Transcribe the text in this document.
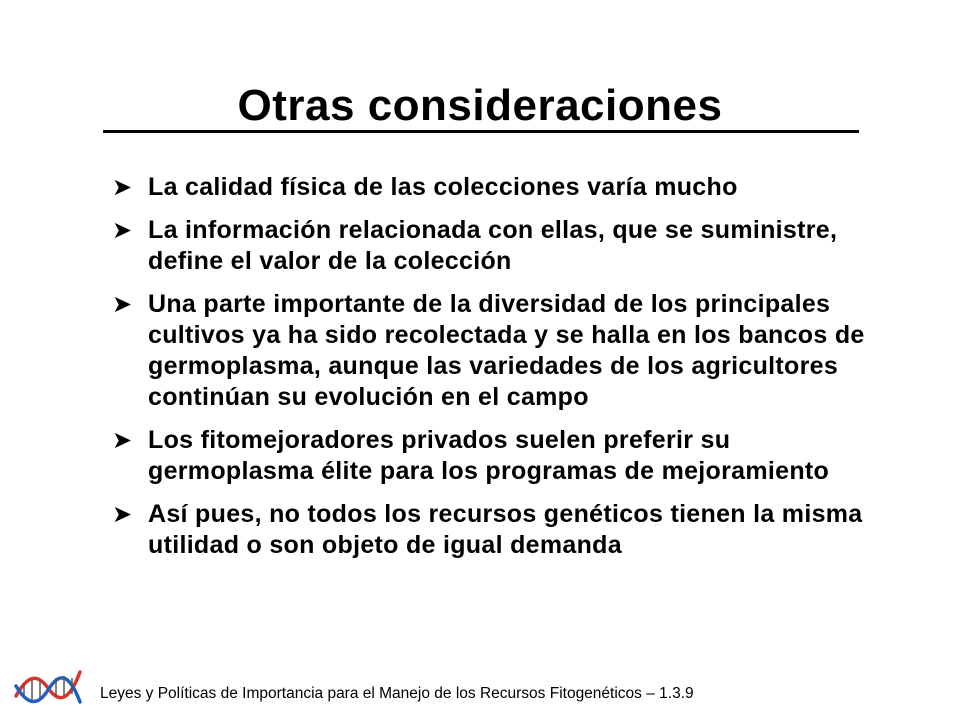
Otras consideraciones
➤ La calidad física de las colecciones varía mucho
➤ La información relacionada con ellas, que se suministre, define el valor de la colección
➤ Una parte importante de la diversidad de los principales cultivos ya ha sido recolectada y se halla en los bancos de germoplasma, aunque las variedades de los agricultores continúan su evolución en el campo
➤ Los fitomejoradores privados suelen preferir su germoplasma élite para los programas de mejoramiento
➤ Así pues, no todos los recursos genéticos tienen la misma utilidad o son objeto de igual demanda
Leyes y Políticas de Importancia para el Manejo de los Recursos Fitogenéticos – 1.3.9
